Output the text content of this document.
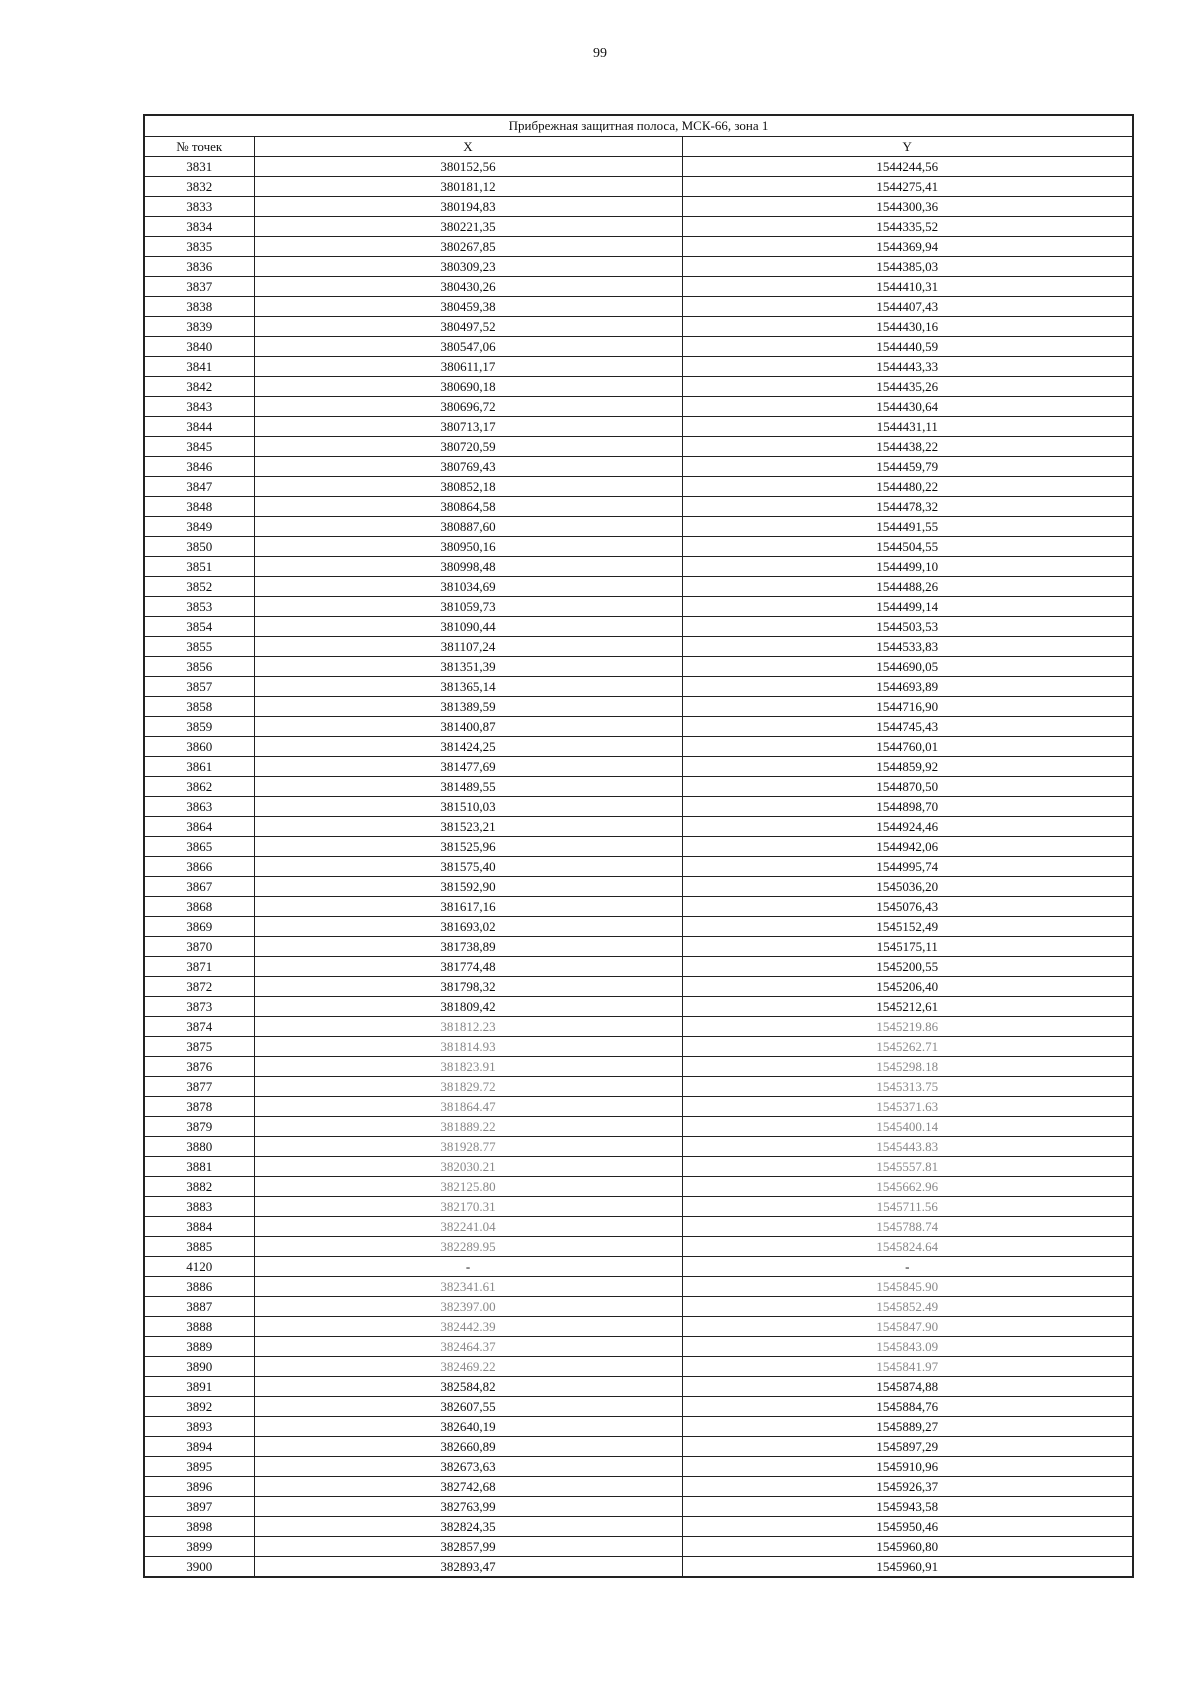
99
Прибрежная защитная полоса, МСК-66, зона 1		
№ точек	X	Y
3831	380152,56	1544244,56
3832	380181,12	1544275,41
3833	380194,83	1544300,36
3834	380221,35	1544335,52
3835	380267,85	1544369,94
3836	380309,23	1544385,03
3837	380430,26	1544410,31
3838	380459,38	1544407,43
3839	380497,52	1544430,16
3840	380547,06	1544440,59
3841	380611,17	1544443,33
3842	380690,18	1544435,26
3843	380696,72	1544430,64
3844	380713,17	1544431,11
3845	380720,59	1544438,22
3846	380769,43	1544459,79
3847	380852,18	1544480,22
3848	380864,58	1544478,32
3849	380887,60	1544491,55
3850	380950,16	1544504,55
3851	380998,48	1544499,10
3852	381034,69	1544488,26
3853	381059,73	1544499,14
3854	381090,44	1544503,53
3855	381107,24	1544533,83
3856	381351,39	1544690,05
3857	381365,14	1544693,89
3858	381389,59	1544716,90
3859	381400,87	1544745,43
3860	381424,25	1544760,01
3861	381477,69	1544859,92
3862	381489,55	1544870,50
3863	381510,03	1544898,70
3864	381523,21	1544924,46
3865	381525,96	1544942,06
3866	381575,40	1544995,74
3867	381592,90	1545036,20
3868	381617,16	1545076,43
3869	381693,02	1545152,49
3870	381738,89	1545175,11
3871	381774,48	1545200,55
3872	381798,32	1545206,40
3873	381809,42	1545212,61
3874	381812.23	1545219.86
3875	381814.93	1545262.71
3876	381823.91	1545298.18
3877	381829.72	1545313.75
3878	381864.47	1545371.63
3879	381889.22	1545400.14
3880	381928.77	1545443.83
3881	382030.21	1545557.81
3882	382125.80	1545662.96
3883	382170.31	1545711.56
3884	382241.04	1545788.74
3885	382289.95	1545824.64
4120	-	-
3886	382341.61	1545845.90
3887	382397.00	1545852.49
3888	382442.39	1545847.90
3889	382464.37	1545843.09
3890	382469.22	1545841.97
3891	382584,82	1545874,88
3892	382607,55	1545884,76
3893	382640,19	1545889,27
3894	382660,89	1545897,29
3895	382673,63	1545910,96
3896	382742,68	1545926,37
3897	382763,99	1545943,58
3898	382824,35	1545950,46
3899	382857,99	1545960,80
3900	382893,47	1545960,91
